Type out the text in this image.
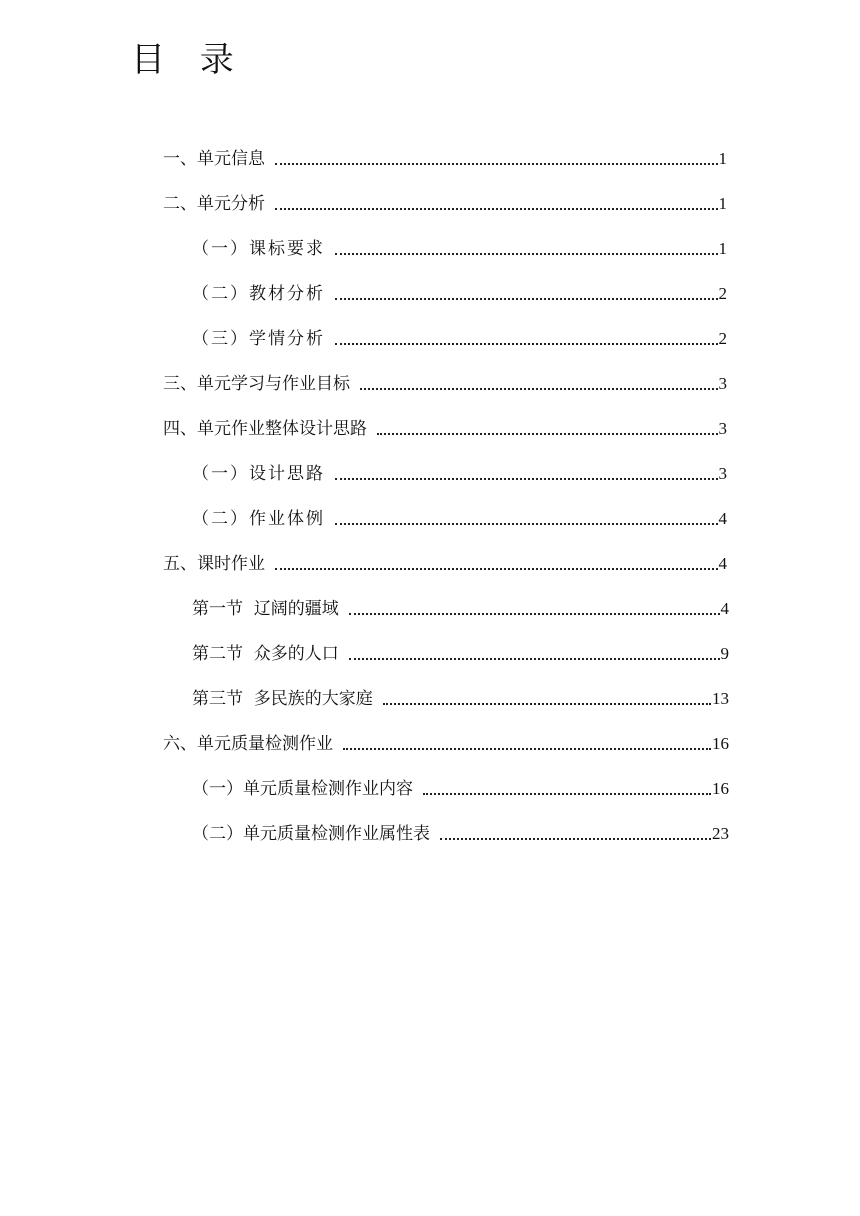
目 录
一、单元信息	1
二、单元分析	1
（一）课标要求	1
（二）教材分析	2
（三）学情分析	2
三、单元学习与作业目标	3
四、单元作业整体设计思路	3
（一）设计思路	3
（二）作业体例	4
五、课时作业	4
第一节  辽阔的疆域	4
第二节  众多的人口	9
第三节  多民族的大家庭	13
六、单元质量检测作业	16
（一）单元质量检测作业内容	16
（二）单元质量检测作业属性表	23
